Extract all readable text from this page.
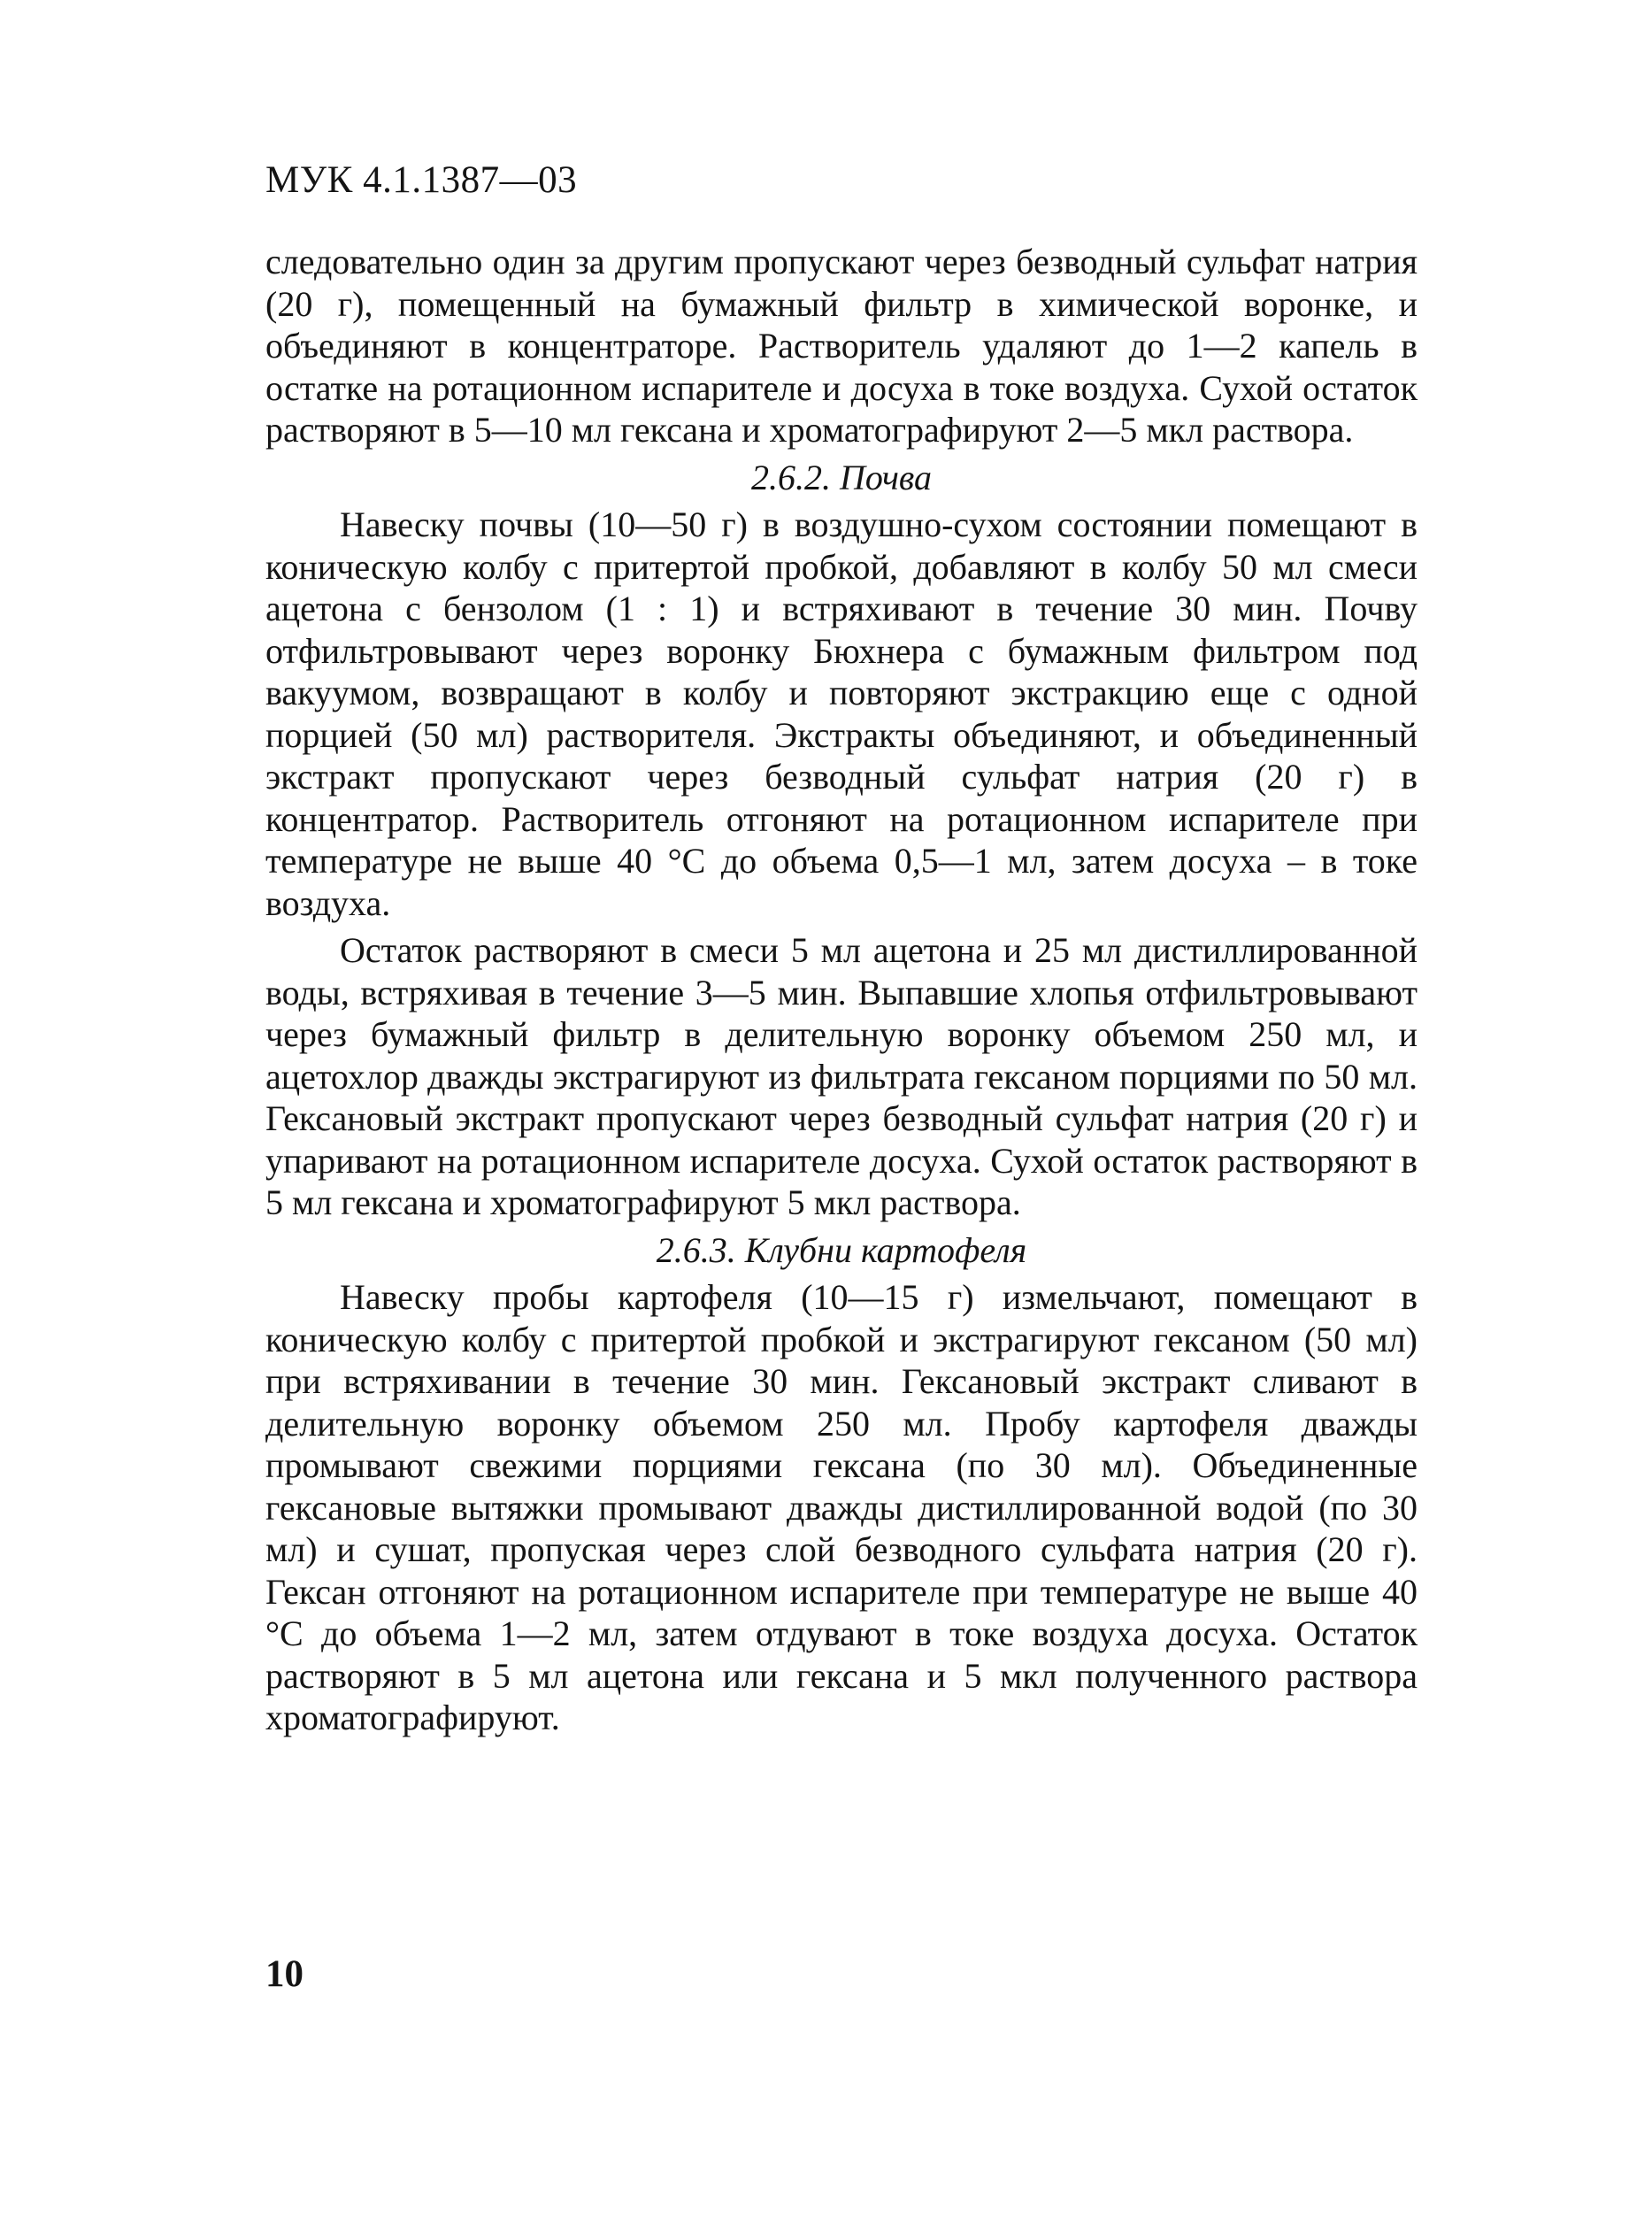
МУК 4.1.1387—03

следовательно один за другим пропускают через безводный сульфат натрия (20 г), помещенный на бумажный фильтр в химической воронке, и объединяют в концентраторе. Растворитель удаляют до 1—2 капель в остатке на ротационном испарителе и досуха в токе воздуха. Сухой остаток растворяют в 5—10 мл гексана и хроматографируют 2—5 мкл раствора.

2.6.2. Почва

Навеску почвы (10—50 г) в воздушно-сухом состоянии помещают в коническую колбу с притертой пробкой, добавляют в колбу 50 мл смеси ацетона с бензолом (1 : 1) и встряхивают в течение 30 мин. Почву отфильтровывают через воронку Бюхнера с бумажным фильтром под вакуумом, возвращают в колбу и повторяют экстракцию еще с одной порцией (50 мл) растворителя. Экстракты объединяют, и объединенный экстракт пропускают через безводный сульфат натрия (20 г) в концентратор. Растворитель отгоняют на ротационном испарителе при температуре не выше 40 °С до объема 0,5—1 мл, затем досуха – в токе воздуха.

Остаток растворяют в смеси 5 мл ацетона и 25 мл дистиллированной воды, встряхивая в течение 3—5 мин. Выпавшие хлопья отфильтровывают через бумажный фильтр в делительную воронку объемом 250 мл, и ацетохлор дважды экстрагируют из фильтрата гексаном порциями по 50 мл. Гексановый экстракт пропускают через безводный сульфат натрия (20 г) и упаривают на ротационном испарителе досуха. Сухой остаток растворяют в 5 мл гексана и хроматографируют 5 мкл раствора.

2.6.3. Клубни картофеля

Навеску пробы картофеля (10—15 г) измельчают, помещают в коническую колбу с притертой пробкой и экстрагируют гексаном (50 мл) при встряхивании в течение 30 мин. Гексановый экстракт сливают в делительную воронку объемом 250 мл. Пробу картофеля дважды промывают свежими порциями гексана (по 30 мл). Объединенные гексановые вытяжки промывают дважды дистиллированной водой (по 30 мл) и сушат, пропуская через слой безводного сульфата натрия (20 г). Гексан отгоняют на ротационном испарителе при температуре не выше 40 °С до объема 1—2 мл, затем отдувают в токе воздуха досуха. Остаток растворяют в 5 мл ацетона или гексана и 5 мкл полученного раствора хроматографируют.

10
